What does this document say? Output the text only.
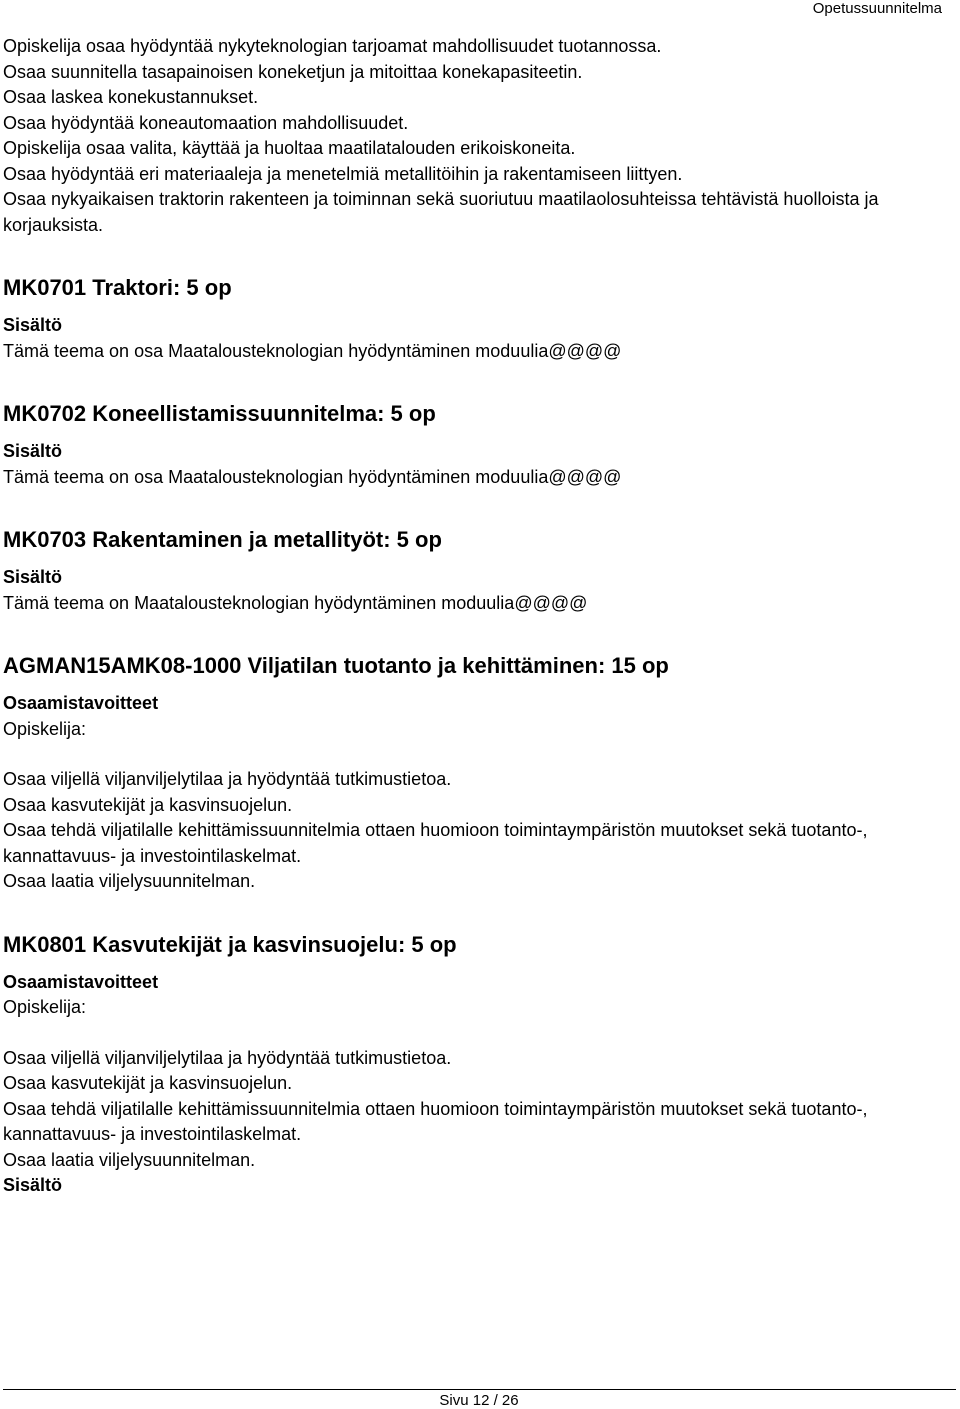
Opetussuunnitelma

Opiskelija osaa hyödyntää nykyteknologian tarjoamat mahdollisuudet tuotannossa.

Osaa suunnitella tasapainoisen koneketjun ja mitoittaa konekapasiteetin.

Osaa laskea konekustannukset.

Osaa hyödyntää koneautomaation mahdollisuudet.

Opiskelija osaa valita, käyttää ja huoltaa maatilatalouden erikoiskoneita.

Osaa hyödyntää eri materiaaleja ja menetelmiä metallitöihin ja rakentamiseen liittyen.

Osaa nykyaikaisen traktorin rakenteen ja toiminnan sekä suoriutuu maatilaolosuhteissa tehtävistä huolloista ja korjauksista.

MK0701 Traktori: 5 op

Sisältö

Tämä teema on osa Maatalousteknologian hyödyntäminen moduulia@@@@

MK0702 Koneellistamissuunnitelma: 5 op

Sisältö

Tämä teema on osa Maatalousteknologian hyödyntäminen moduulia@@@@

MK0703 Rakentaminen ja metallityöt: 5 op

Sisältö

Tämä teema on Maatalousteknologian hyödyntäminen moduulia@@@@

AGMAN15AMK08-1000 Viljatilan tuotanto ja kehittäminen: 15 op

Osaamistavoitteet

Opiskelija:

Osaa viljellä viljanviljelytilaa ja hyödyntää tutkimustietoa.

Osaa kasvutekijät ja kasvinsuojelun.

Osaa tehdä viljatilalle kehittämissuunnitelmia ottaen huomioon toimintaympäristön muutokset sekä tuotanto-, kannattavuus- ja investointilaskelmat.

Osaa laatia viljelysuunnitelman.

MK0801 Kasvutekijät ja kasvinsuojelu: 5 op

Osaamistavoitteet

Opiskelija:

Osaa viljellä viljanviljelytilaa ja hyödyntää tutkimustietoa.

Osaa kasvutekijät ja kasvinsuojelun.

Osaa tehdä viljatilalle kehittämissuunnitelmia ottaen huomioon toimintaympäristön muutokset sekä tuotanto-, kannattavuus- ja investointilaskelmat.

Osaa laatia viljelysuunnitelman.

Sisältö

Sivu 12 / 26
